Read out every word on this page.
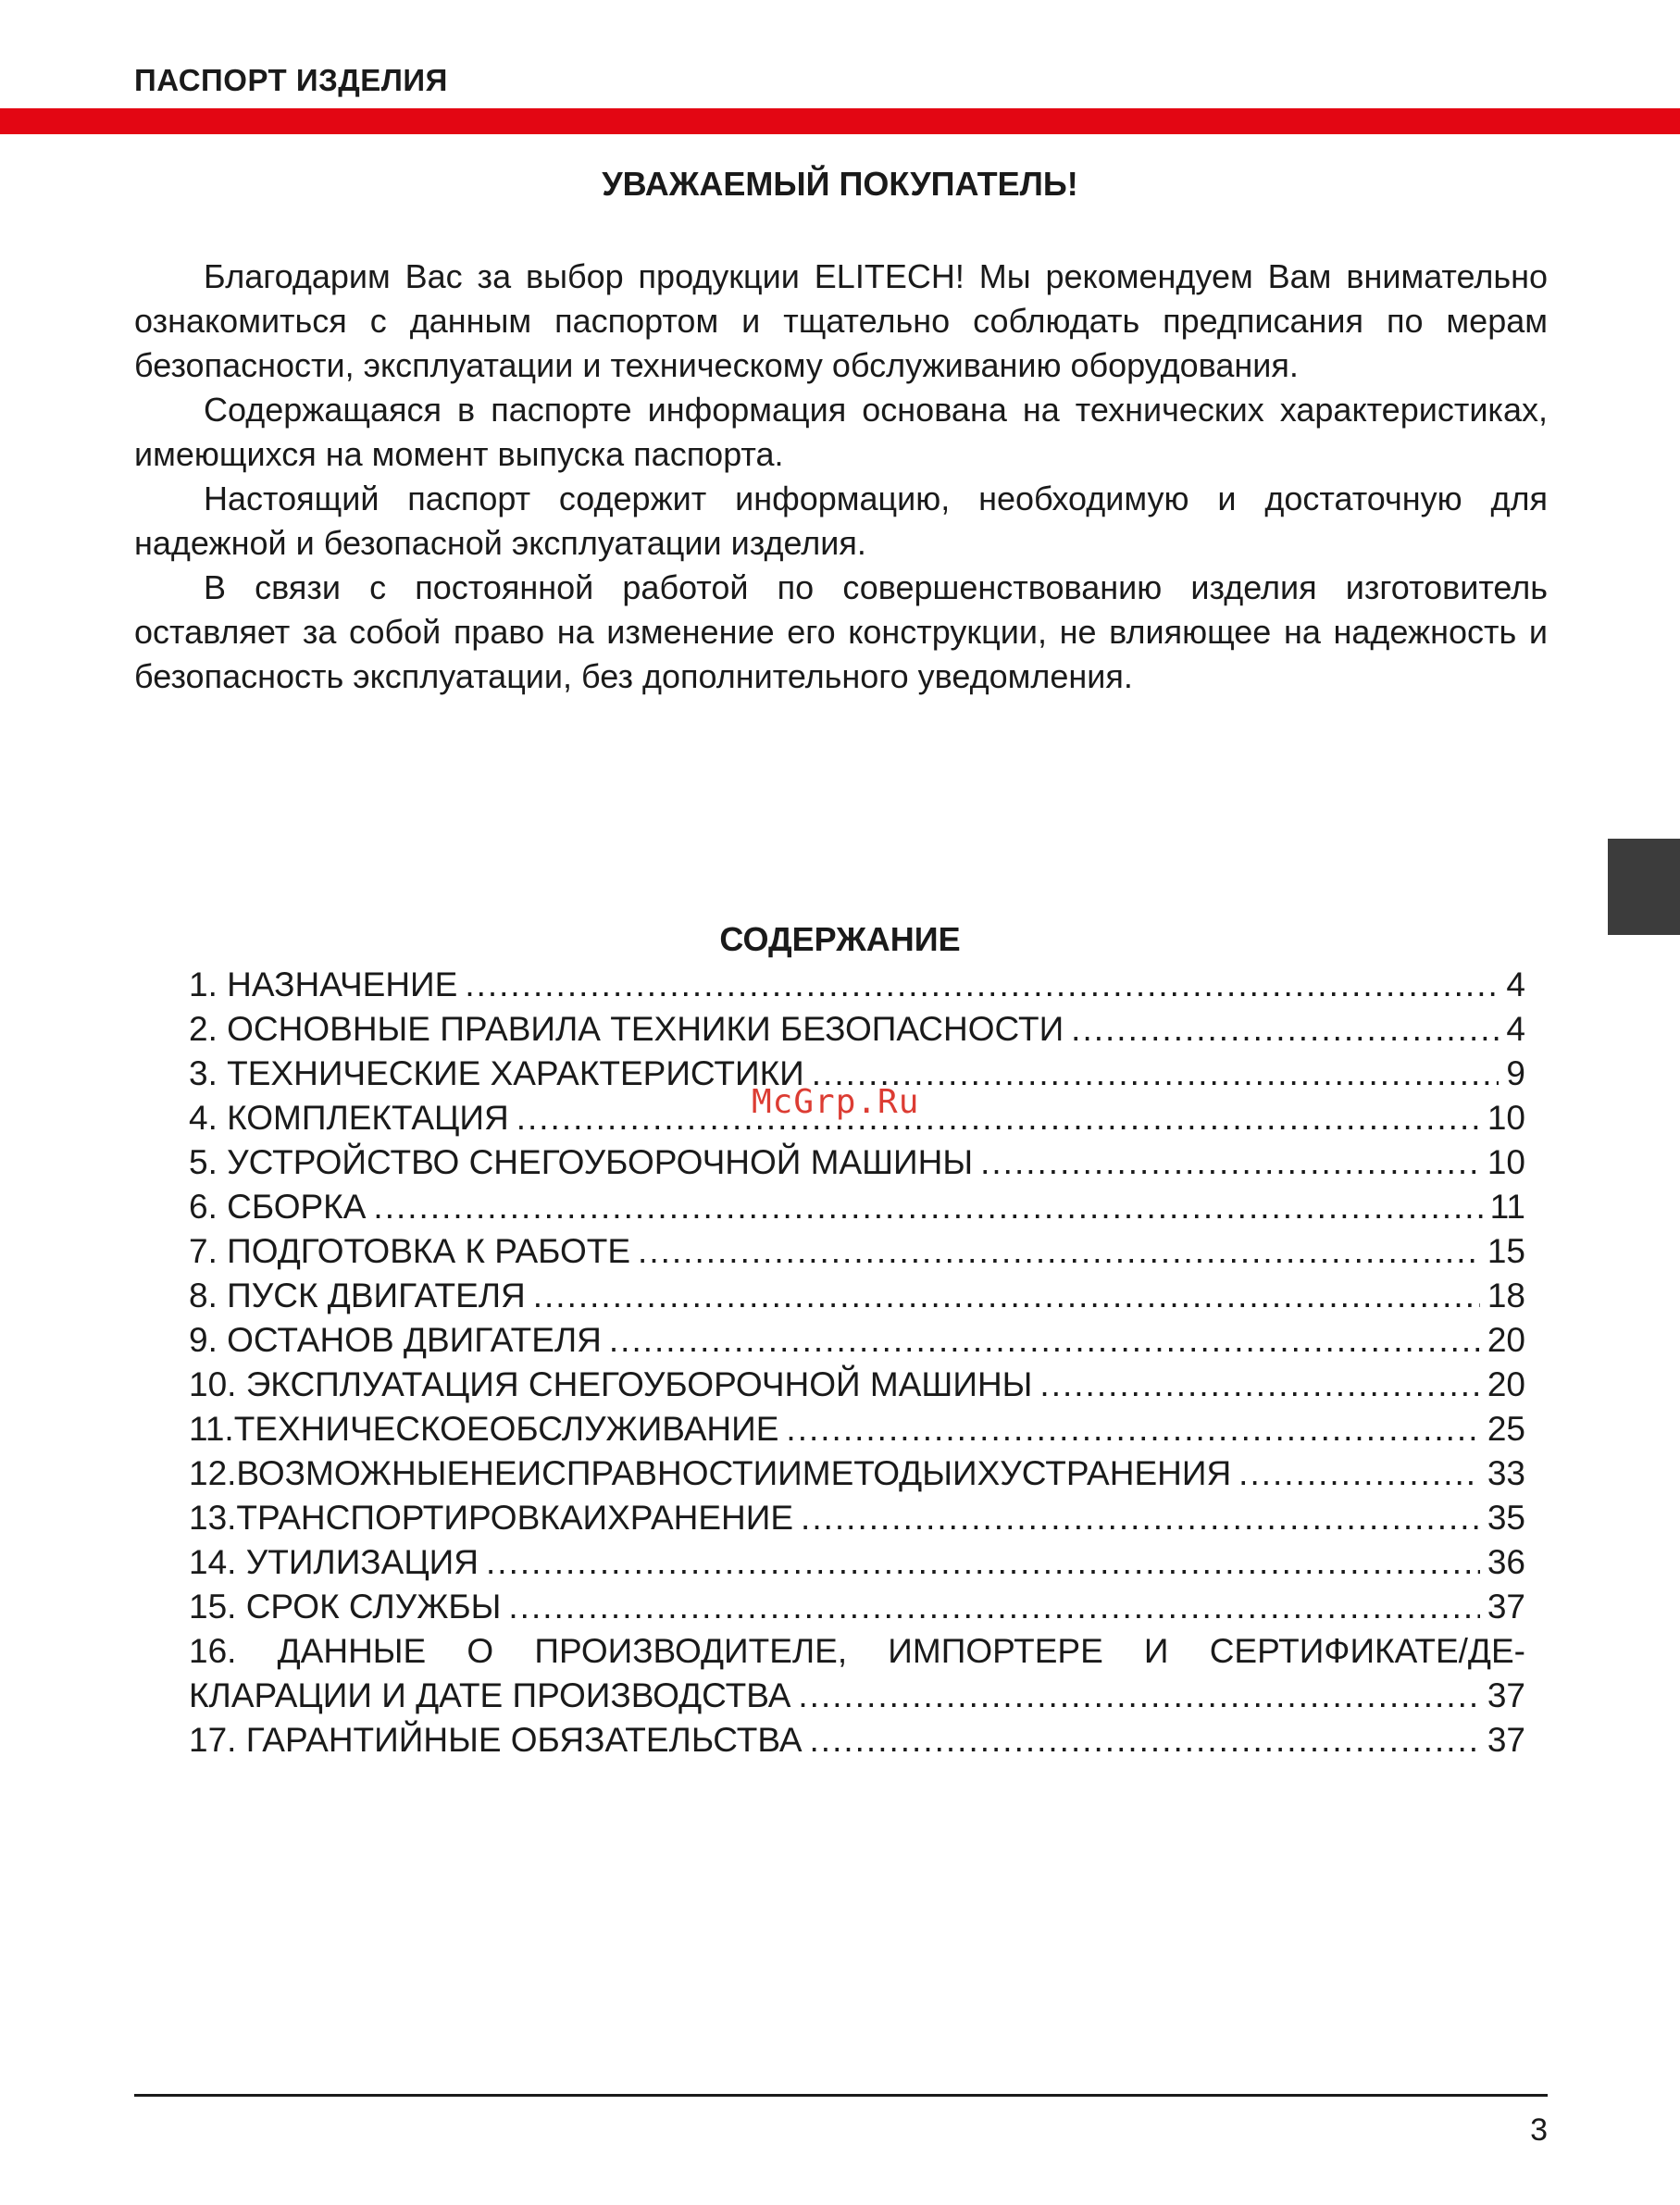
ПАСПОРТ ИЗДЕЛИЯ
УВАЖАЕМЫЙ ПОКУПАТЕЛЬ!

Благодарим Вас за выбор продукции ELITECH! Мы рекомендуем Вам внимательно ознакомиться с данным паспортом и тщательно соблюдать предписания по мерам безопасности, эксплуатации и техническому обслуживанию оборудования.

Содержащаяся в паспорте информация основана на технических характеристиках, имеющихся на момент выпуска паспорта.

Настоящий паспорт содержит информацию, необходимую и достаточную для надежной и безопасной эксплуатации изделия.

В связи с постоянной работой по совершенствованию изделия изготовитель оставляет за собой право на изменение его конструкции, не влияющее на надежность и безопасность эксплуатации, без дополнительного уведомления.

СОДЕРЖАНИЕ
1. НАЗНАЧЕНИЕ .....	4
2. ОСНОВНЫЕ ПРАВИЛА ТЕХНИКИ БЕЗОПАСНОСТИ .....	4
3. ТЕХНИЧЕСКИЕ ХАРАКТЕРИСТИКИ .....	9
4. КОМПЛЕКТАЦИЯ .....	10
5. УСТРОЙСТВО СНЕГОУБОРОЧНОЙ МАШИНЫ .....	10
6. СБОРКА .....	11
7. ПОДГОТОВКА К РАБОТЕ .....	15
8. ПУСК ДВИГАТЕЛЯ .....	18
9. ОСТАНОВ ДВИГАТЕЛЯ .....	20
10. ЭКСПЛУАТАЦИЯ СНЕГОУБОРОЧНОЙ МАШИНЫ .....	20
11.ТЕХНИЧЕСКОЕОБСЛУЖИВАНИЕ .....	25
12.ВОЗМОЖНЫЕНЕИСПРАВНОСТИИМЕТОДЫИХУСТРАНЕНИЯ .....	33
13.ТРАНСПОРТИРОВКАИХРАНЕНИЕ .....	35
14. УТИЛИЗАЦИЯ .....	36
15. СРОК СЛУЖБЫ .....	37
16. ДАННЫЕ О ПРОИЗВОДИТЕЛЕ, ИМПОРТЕРЕ И СЕРТИФИКАТЕ/ДЕ-
КЛАРАЦИИ И ДАТЕ ПРОИЗВОДСТВА .....	37
17. ГАРАНТИЙНЫЕ ОБЯЗАТЕЛЬСТВА .....	37
McGrp.Ru
3
